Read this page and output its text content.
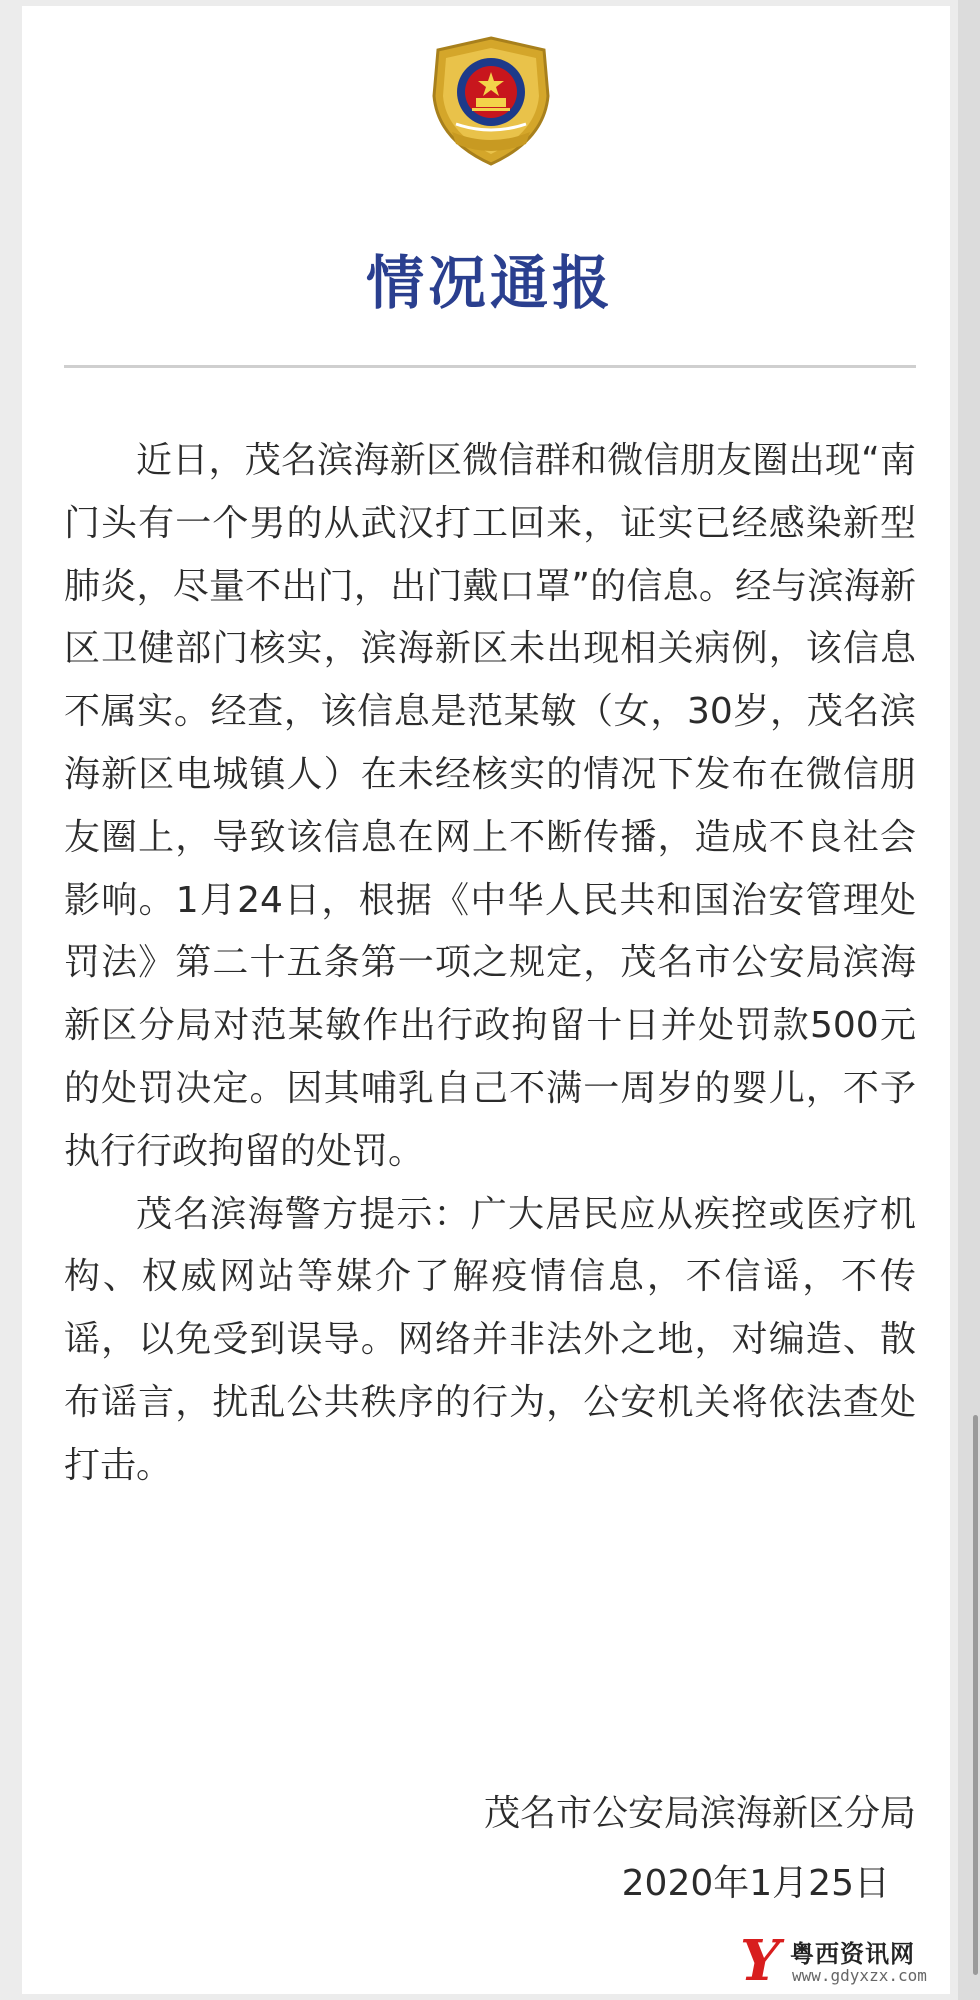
情况通报

近日，茂名滨海新区微信群和微信朋友圈出现“南门头有一个男的从武汉打工回来，证实已经感染新型肺炎，尽量不出门，出门戴口罩”的信息。经与滨海新区卫健部门核实，滨海新区未出现相关病例，该信息不属实。经查，该信息是范某敏（女，30岁，茂名滨海新区电城镇人）在未经核实的情况下发布在微信朋友圈上，导致该信息在网上不断传播，造成不良社会影响。1月24日，根据《中华人民共和国治安管理处罚法》第二十五条第一项之规定，茂名市公安局滨海新区分局对范某敏作出行政拘留十日并处罚款500元的处罚决定。因其哺乳自己不满一周岁的婴儿，不予执行行政拘留的处罚。

茂名滨海警方提示：广大居民应从疾控或医疗机构、权威网站等媒介了解疫情信息，不信谣，不传谣，以免受到误导。网络并非法外之地，对编造、散布谣言，扰乱公共秩序的行为，公安机关将依法查处打击。

茂名市公安局滨海新区分局
2020年1月25日
Y 粤西资讯网
www.gdyxzx.com
